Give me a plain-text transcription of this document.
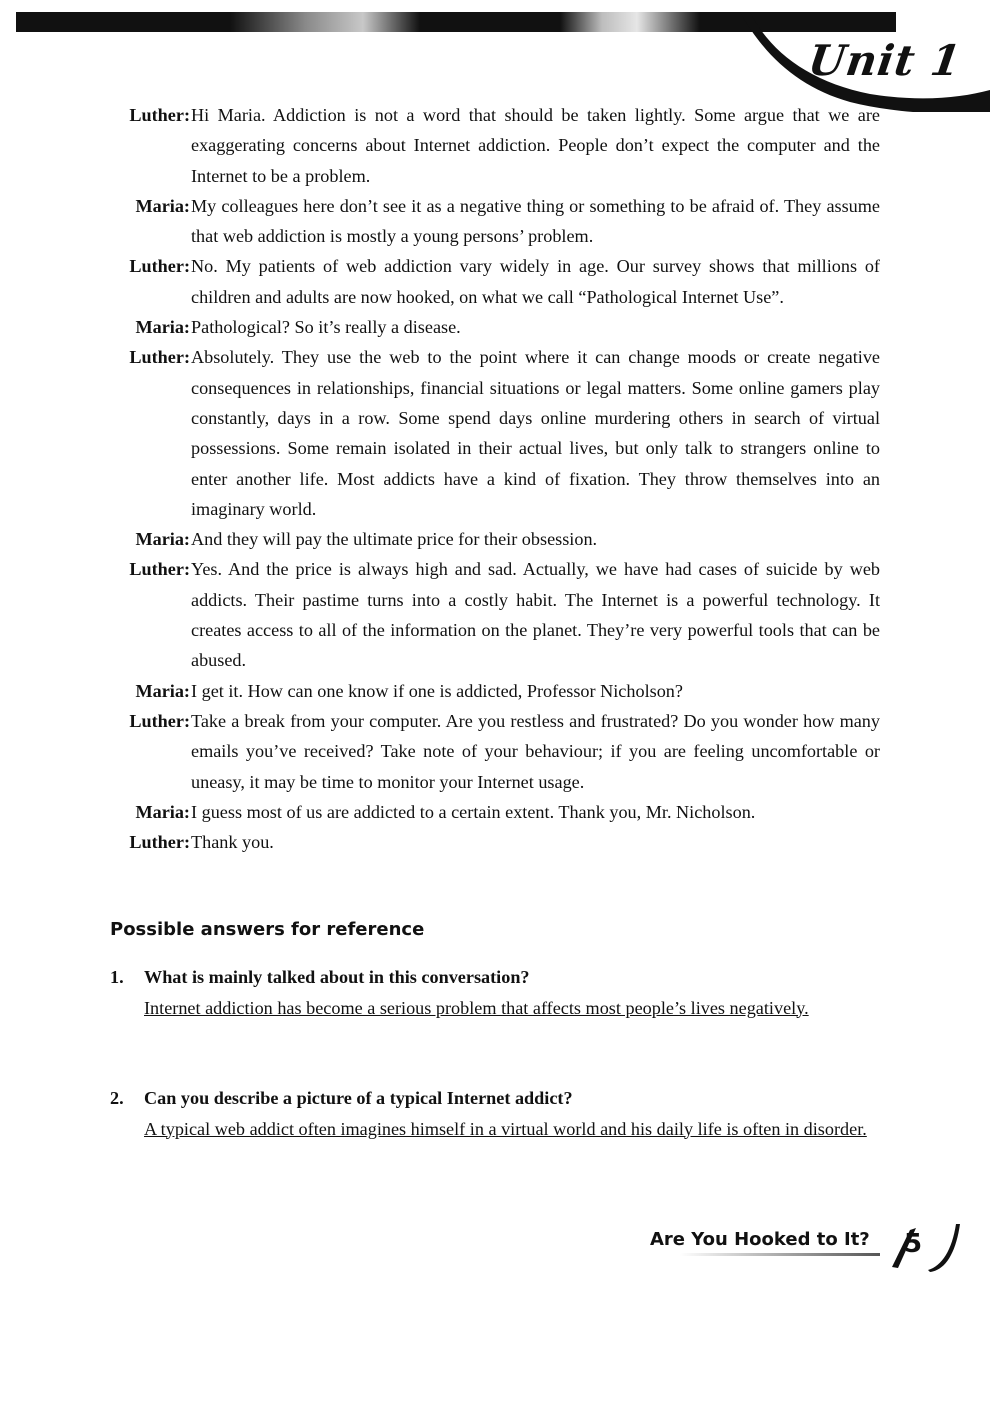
Unit 1
Luther: Hi Maria. Addiction is not a word that should be taken lightly. Some argue that we are exaggerating concerns about Internet addiction. People don’t expect the computer and the Internet to be a problem.
Maria: My colleagues here don’t see it as a negative thing or something to be afraid of. They assume that web addiction is mostly a young persons’ problem.
Luther: No. My patients of web addiction vary widely in age. Our survey shows that millions of children and adults are now hooked, on what we call “Pathological Internet Use”.
Maria: Pathological? So it’s really a disease.
Luther: Absolutely. They use the web to the point where it can change moods or create negative consequences in relationships, financial situations or legal matters. Some online gamers play constantly, days in a row. Some spend days online murdering others in search of virtual possessions. Some remain isolated in their actual lives, but only talk to strangers online to enter another life. Most addicts have a kind of fixation. They throw themselves into an imaginary world.
Maria: And they will pay the ultimate price for their obsession.
Luther: Yes. And the price is always high and sad. Actually, we have had cases of suicide by web addicts. Their pastime turns into a costly habit. The Internet is a powerful technology. It creates access to all of the information on the planet. They’re very powerful tools that can be abused.
Maria: I get it. How can one know if one is addicted, Professor Nicholson?
Luther: Take a break from your computer. Are you restless and frustrated? Do you wonder how many emails you’ve received? Take note of your behaviour; if you are feeling uncomfortable or uneasy, it may be time to monitor your Internet usage.
Maria: I guess most of us are addicted to a certain extent. Thank you, Mr. Nicholson.
Luther: Thank you.
Possible answers for reference
1.	What is mainly talked about in this conversation?
Internet addiction has become a serious problem that affects most people’s lives negatively.
2.	Can you describe a picture of a typical Internet addict?
A typical web addict often imagines himself in a virtual world and his daily life is often in disorder.
Are You Hooked to It? 5
